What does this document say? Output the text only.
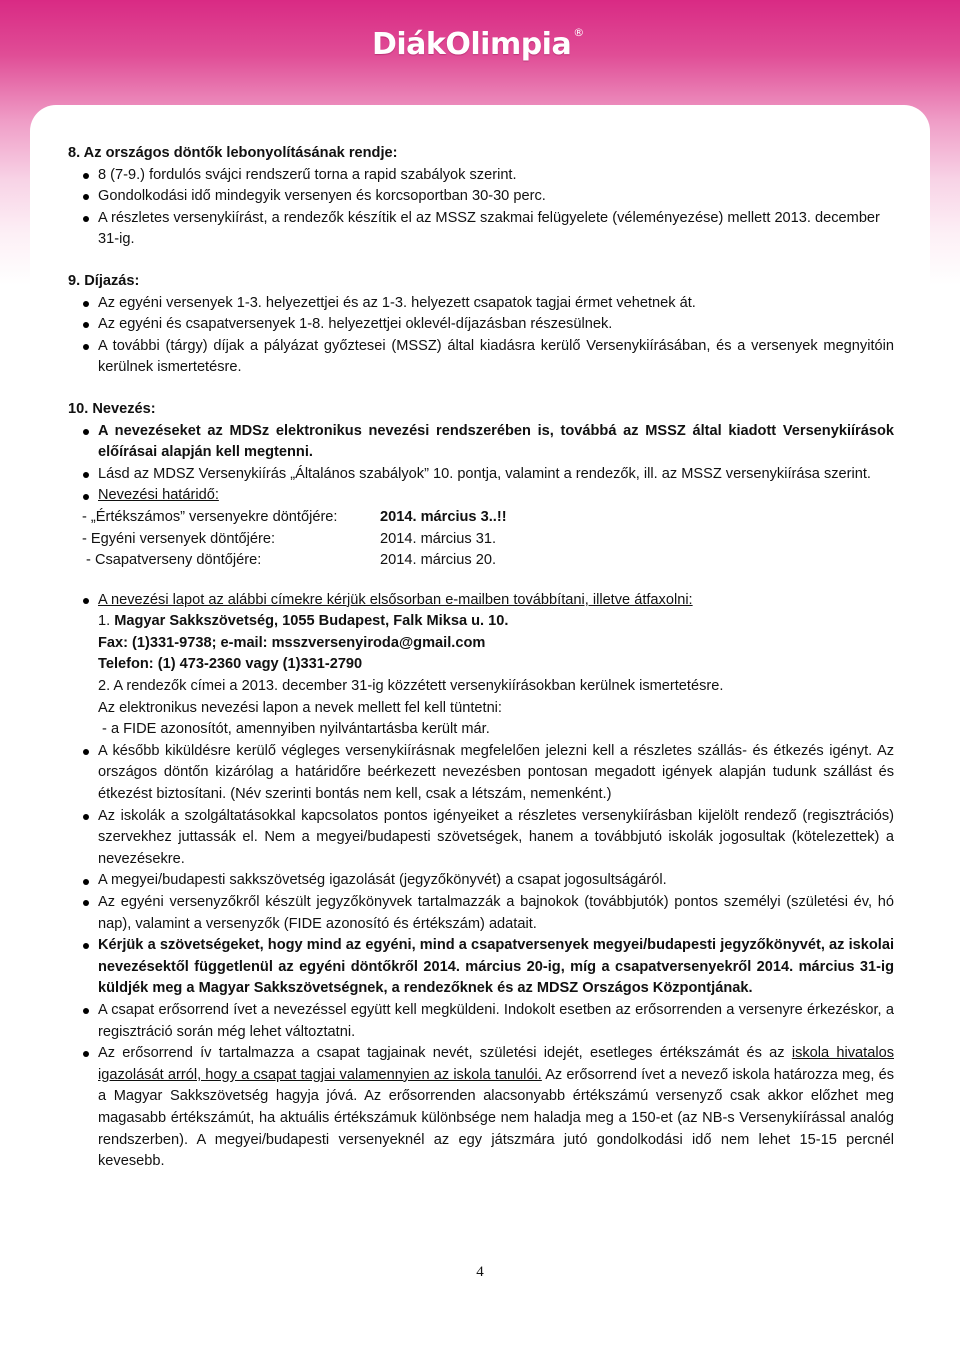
DiákOlimpia ®

8. Az országos döntők lebonyolításának rendje:

8 (7-9.) fordulós svájci rendszerű torna a rapid szabályok szerint.
Gondolkodási idő mindegyik versenyen és korcsoportban 30-30 perc.
A részletes versenykiírást, a rendezők készítik el az MSSZ szakmai felügyelete (véleményezése) mellett 2013. december 31-ig.

9. Díjazás:

Az egyéni versenyek 1-3. helyezettjei és az 1-3. helyezett csapatok tagjai érmet vehetnek át.
Az egyéni és csapatversenyek 1-8. helyezettjei oklevél-díjazásban részesülnek.
A további (tárgy) díjak a pályázat győztesei (MSSZ) által kiadásra kerülő Versenykiírásában, és a versenyek megnyitóin kerülnek ismertetésre.

10. Nevezés:

A nevezéseket az MDSz elektronikus nevezési rendszerében is, továbbá az MSSZ által kiadott Versenykiírások előírásai alapján kell megtenni.
Lásd az MDSZ Versenykiírás „Általános szabályok” 10. pontja, valamint a rendezők, ill. az MSSZ versenykiírása szerint.
Nevezési határidő:
- „Értékszámos” versenyekre döntőjére:	2014. március 3..!!
- Egyéni versenyek döntőjére:	2014. március 31.
- Csapatverseny döntőjére:	2014. március 20.
A nevezési lapot az alábbi címekre kérjük elsősorban e-mailben továbbítani, illetve átfaxolni:
1. Magyar Sakkszövetség, 1055 Budapest, Falk Miksa u. 10.
Fax: (1)331-9738; e-mail: msszversenyiroda@gmail.com
Telefon: (1) 473-2360 vagy (1)331-2790
2. A rendezők címei a 2013. december 31-ig közzétett versenykiírásokban kerülnek ismertetésre.
Az elektronikus nevezési lapon a nevek mellett fel kell tüntetni:
- a FIDE azonosítót, amennyiben nyilvántartásba került már.
A később kiküldésre kerülő végleges versenykiírásnak megfelelően jelezni kell a részletes szállás- és étkezés igényt. Az országos döntőn kizárólag a határidőre beérkezett nevezésben pontosan megadott igények alapján tudunk szállást és étkezést biztosítani. (Név szerinti bontás nem kell, csak a létszám, nemenként.)
Az iskolák a szolgáltatásokkal kapcsolatos pontos igényeiket a részletes versenykiírásban kijelölt rendező (regisztrációs) szervekhez juttassák el. Nem a megyei/budapesti szövetségek, hanem a továbbjutó iskolák jogosultak (kötelezettek) a nevezésekre.
A megyei/budapesti sakkszövetség igazolását (jegyzőkönyvét) a csapat jogosultságáról.
Az egyéni versenyzőkről készült jegyzőkönyvek tartalmazzák a bajnokok (továbbjutók) pontos személyi (születési év, hó nap), valamint a versenyzők (FIDE azonosító és értékszám) adatait.
Kérjük a szövetségeket, hogy mind az egyéni, mind a csapatversenyek megyei/budapesti jegyzőkönyvét, az iskolai nevezésektől függetlenül az egyéni döntőkről 2014. március 20-ig, míg a csapatversenyekről 2014. március 31-ig küldjék meg a Magyar Sakkszövetségnek, a rendezőknek és az MDSZ Országos Központjának.
A csapat erősorrend ívet a nevezéssel együtt kell megküldeni. Indokolt esetben az erősorrenden a versenyre érkezéskor, a regisztráció során még lehet változtatni.
Az erősorrend ív tartalmazza a csapat tagjainak nevét, születési idejét, esetleges értékszámát és az iskola hivatalos igazolását arról, hogy a csapat tagjai valamennyien az iskola tanulói. Az erősorrend ívet a nevező iskola határozza meg, és a Magyar Sakkszövetség hagyja jóvá. Az erősorrenden alacsonyabb értékszámú versenyző csak akkor előzhet meg magasabb értékszámút, ha aktuális értékszámuk különbsége nem haladja meg a 150-et (az NB-s Versenykiírással analóg rendszerben). A megyei/budapesti versenyeknél az egy játszmára jutó gondolkodási idő nem lehet 15-15 percnél kevesebb.
4
